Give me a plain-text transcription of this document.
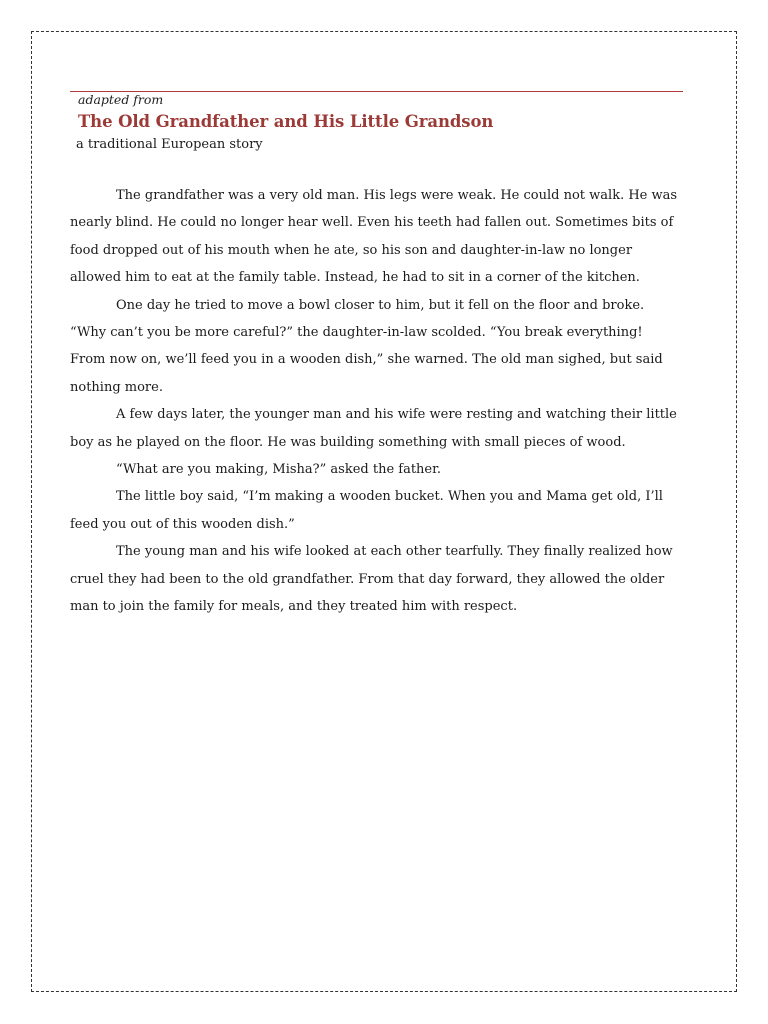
adapted from
The Old Grandfather and His Little Grandson
a traditional European story

The grandfather was a very old man. His legs were weak. He could not walk. He was nearly blind. He could no longer hear well. Even his teeth had fallen out. Sometimes bits of food dropped out of his mouth when he ate, so his son and daughter-in-law no longer allowed him to eat at the family table. Instead, he had to sit in a corner of the kitchen.

One day he tried to move a bowl closer to him, but it fell on the floor and broke.

“Why can’t you be more careful?” the daughter-in-law scolded. “You break everything! From now on, we’ll feed you in a wooden dish,” she warned. The old man sighed, but said nothing more.

A few days later, the younger man and his wife were resting and watching their little boy as he played on the floor. He was building something with small pieces of wood.

“What are you making, Misha?” asked the father.

The little boy said, “I’m making a wooden bucket. When you and Mama get old, I’ll feed you out of this wooden dish.”

The young man and his wife looked at each other tearfully. They finally realized how cruel they had been to the old grandfather. From that day forward, they allowed the older man to join the family for meals, and they treated him with respect.
